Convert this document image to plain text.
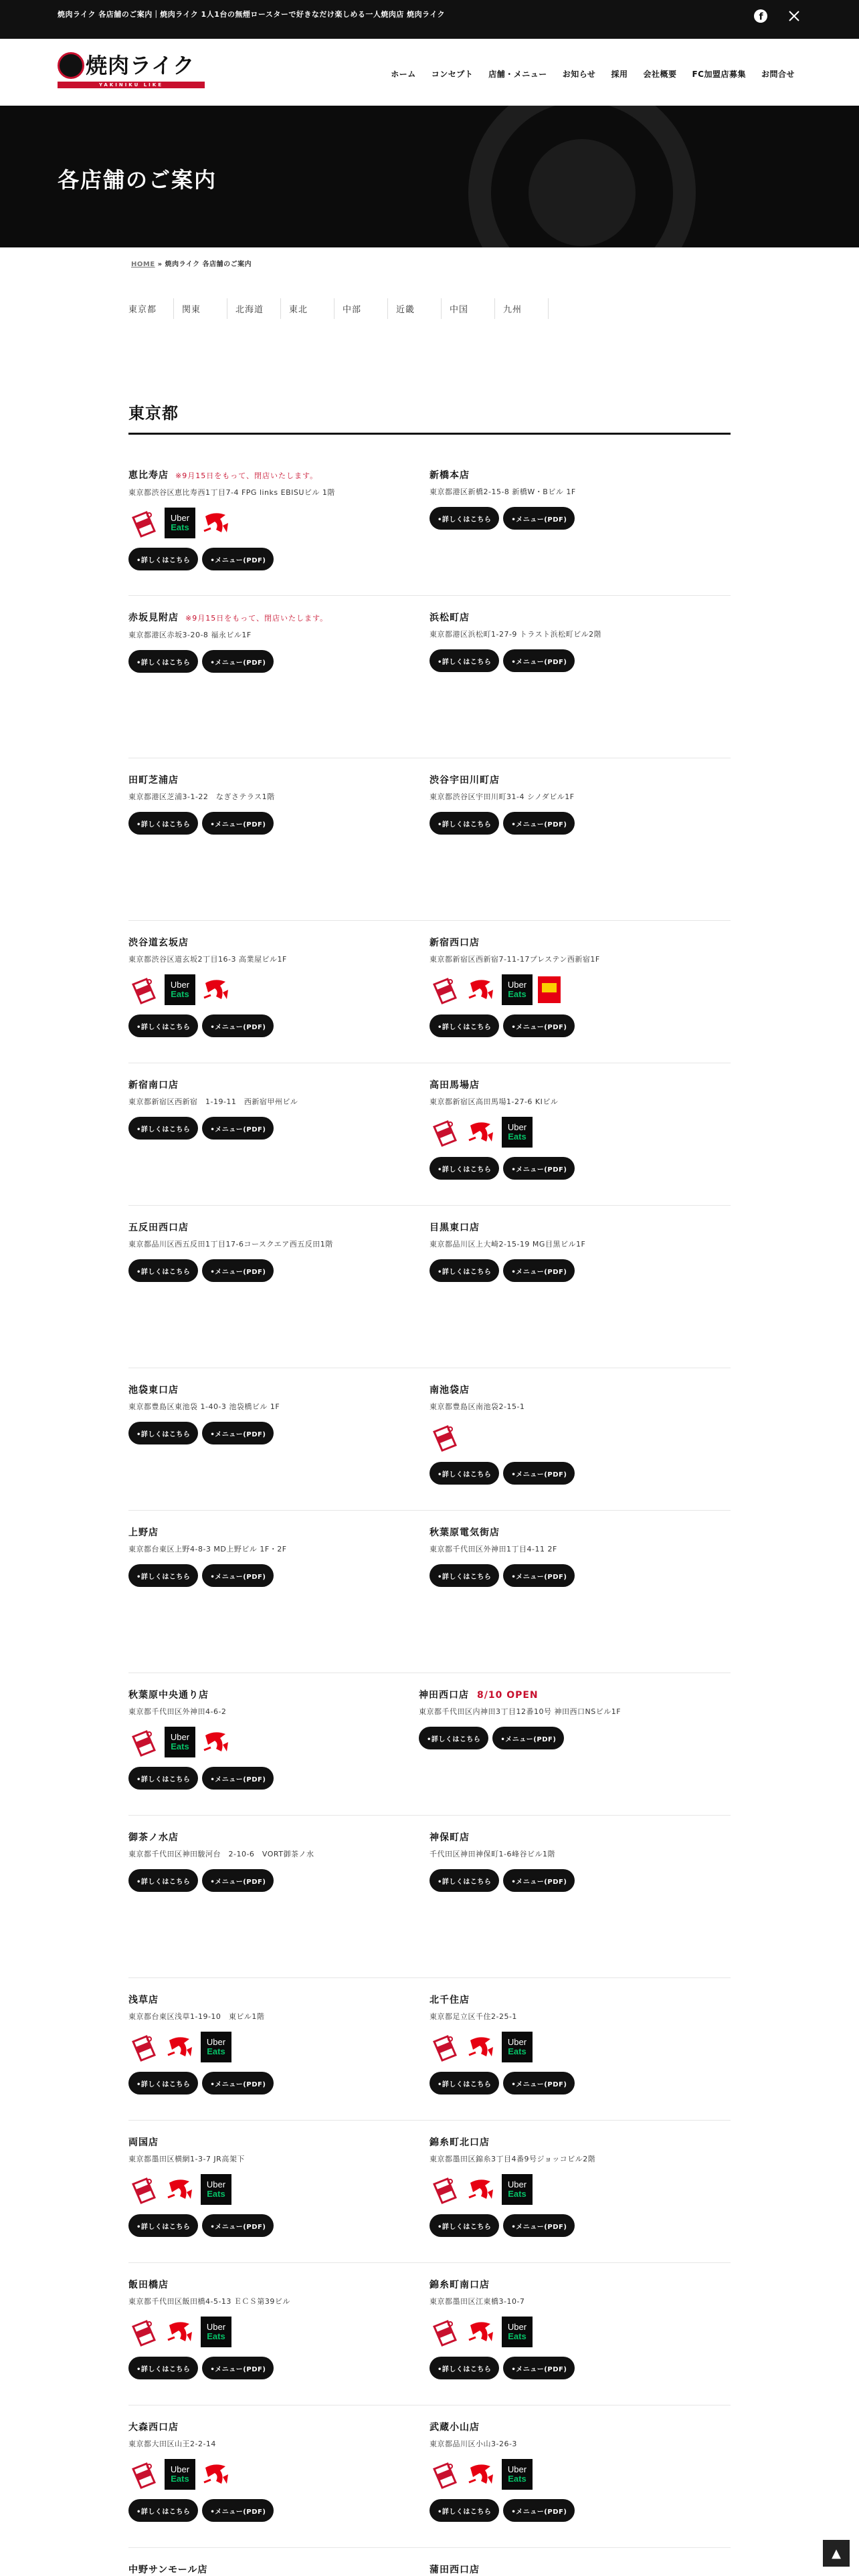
焼肉ライク 各店舗のご案内｜焼肉ライク 1人1台の無煙ロースターで好きなだけ楽しめる一人焼肉店 焼肉ライク	f
焼肉ライク
YAKINIKU LIKE
ホーム コンセプト 店舗・メニュー お知らせ 採用 会社概要 FC加盟店募集 お問合せ
各店舗のご案内
HOME » 焼肉ライク 各店舗のご案内
東京都	関東	北海道	東北	中部	近畿	中国	九州
東京都
恵比寿店 ※9月15日をもって、閉店いたします。
東京都渋谷区恵比寿西1丁目7-4 FPG links EBISUビル 1階
Uber
Eats
•詳しくはこちら	•メニュー(PDF)
新橋本店
東京都港区新橋2-15-8 新橋W・Bビル 1F
•詳しくはこちら	•メニュー(PDF)
赤坂見附店 ※9月15日をもって、閉店いたします。
東京都港区赤坂3-20-8 福永ビル1F
•詳しくはこちら	•メニュー(PDF)
浜松町店
東京都港区浜松町1-27-9 トラスト浜松町ビル2階
•詳しくはこちら	•メニュー(PDF)
田町芝浦店
東京都港区芝浦3-1-22　なぎさテラス1階
•詳しくはこちら	•メニュー(PDF)
渋谷宇田川町店
東京都渋谷区宇田川町31-4 シノダビル1F
•詳しくはこちら	•メニュー(PDF)
渋谷道玄坂店
東京都渋谷区道玄坂2丁目16-3 高業屋ビル1F
Uber
Eats
•詳しくはこちら	•メニュー(PDF)
新宿西口店
東京都新宿区西新宿7-11-17プレステン西新宿1F
Uber
Eats
•詳しくはこちら	•メニュー(PDF)
新宿南口店
東京都新宿区西新宿　1-19-11　西新宿甲州ビル
•詳しくはこちら	•メニュー(PDF)
高田馬場店
東京都新宿区高田馬場1-27-6 KIビル
Uber
Eats
•詳しくはこちら	•メニュー(PDF)
五反田西口店
東京都品川区西五反田1丁目17-6コースクエア西五反田1階
•詳しくはこちら	•メニュー(PDF)
目黒東口店
東京都品川区上大崎2-15-19 MG目黒ビル1F
•詳しくはこちら	•メニュー(PDF)
池袋東口店
東京都豊島区東池袋 1-40-3 池袋橋ビル 1F
•詳しくはこちら	•メニュー(PDF)
南池袋店
東京都豊島区南池袋2-15-1
•詳しくはこちら	•メニュー(PDF)
上野店
東京都台東区上野4-8-3 MD上野ビル 1F・2F
•詳しくはこちら	•メニュー(PDF)
秋葉原電気街店
東京都千代田区外神田1丁目4-11 2F
•詳しくはこちら	•メニュー(PDF)
秋葉原中央通り店
東京都千代田区外神田4-6-2
Uber
Eats
•詳しくはこちら	•メニュー(PDF)
神田西口店 8/10 OPEN
東京都千代田区内神田3丁目12番10号 神田西口NSビル1F
•詳しくはこちら	•メニュー(PDF)
御茶ノ水店
東京都千代田区神田駿河台　2-10-6　VORT御茶ノ水
•詳しくはこちら	•メニュー(PDF)
神保町店
千代田区神田神保町1-6峰谷ビル1階
•詳しくはこちら	•メニュー(PDF)
浅草店
東京都台東区浅草1-19-10　東ビル1階
Uber
Eats
•詳しくはこちら	•メニュー(PDF)
北千住店
東京都足立区千住2-25-1
Uber
Eats
•詳しくはこちら	•メニュー(PDF)
両国店
東京都墨田区横網1-3-7 JR高架下
Uber
Eats
•詳しくはこちら	•メニュー(PDF)
錦糸町北口店
東京都墨田区錦糸3丁目4番9号ジョッコビル2階
Uber
Eats
•詳しくはこちら	•メニュー(PDF)
飯田橋店
東京都千代田区飯田橋4-5-13 ＥＣＳ第39ビル
Uber
Eats
•詳しくはこちら	•メニュー(PDF)
錦糸町南口店
東京都墨田区江東橋3-10-7
Uber
Eats
•詳しくはこちら	•メニュー(PDF)
大森西口店
東京都大田区山王2-2-14
Uber
Eats
•詳しくはこちら	•メニュー(PDF)
武蔵小山店
東京都品川区小山3-26-3
Uber
Eats
•詳しくはこちら	•メニュー(PDF)
中野サンモール店	蒲田西口店
▲
